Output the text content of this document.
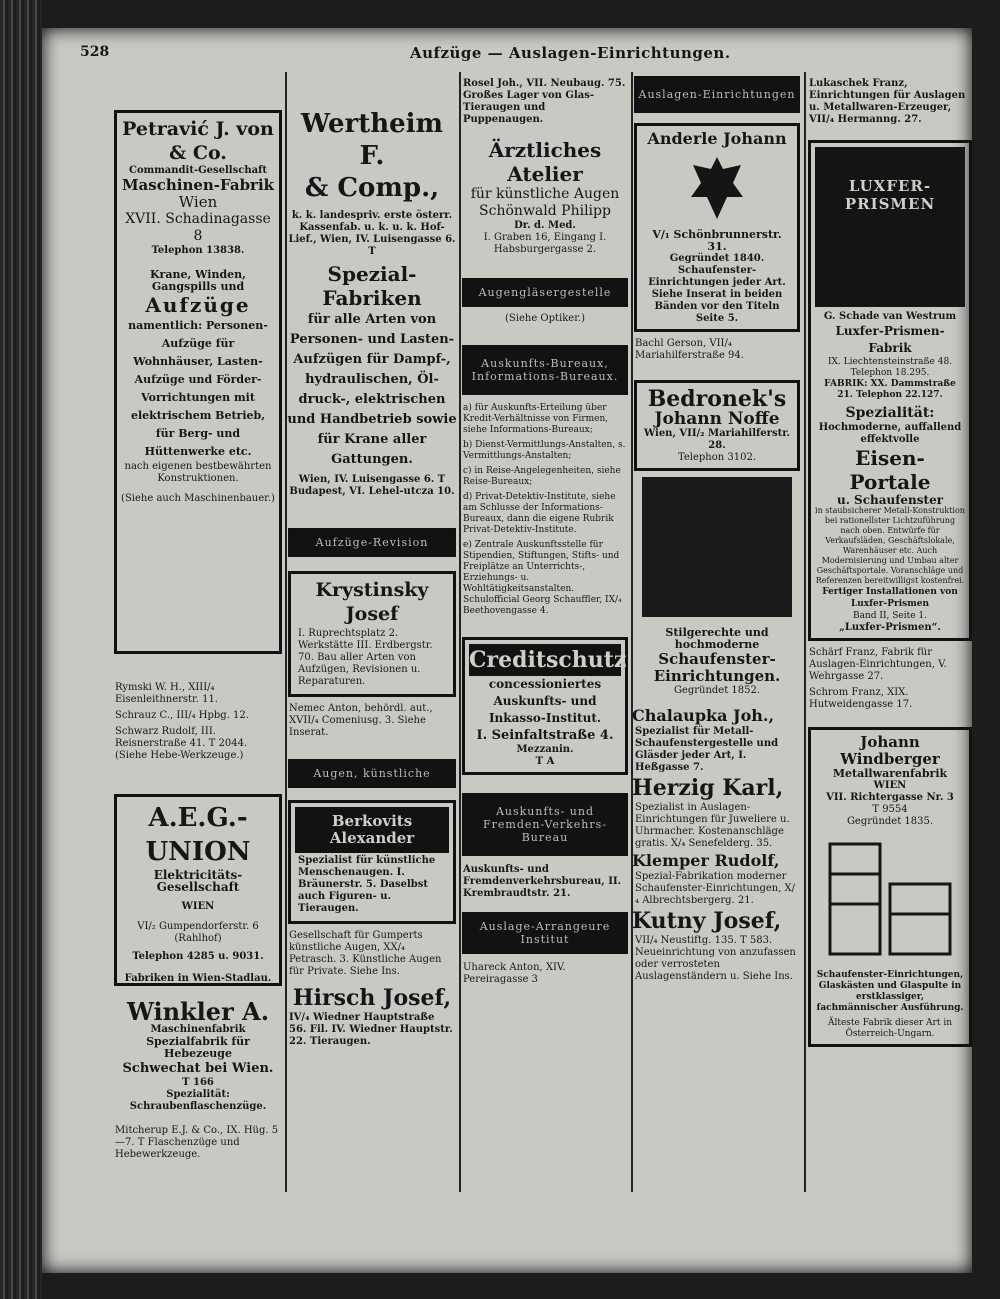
528	Aufzüge — Auslagen-Einrichtungen.
Petravić J. von & Co.
Commandit-Gesellschaft
Maschinen-Fabrik
Wien
XVII. Schadinagasse 8
Telephon 13838.
Krane, Winden, Gangspills und
Aufzüge
namentlich: Personen-Aufzüge für Wohnhäuser, Lasten-Aufzüge und Förder-Vorrichtungen mit elektrischem Betrieb, für Berg- und Hüttenwerke etc.
nach eigenen bestbewährten Konstruktionen.
(Siehe auch Maschinenbauer.)
Rymski W. H., XIII/₄ Eisenleithnerstr. 11.
Schrauz C., III/₄ Hpbg. 12.
Schwarz Rudolf, III. Reisnerstraße 41. T 2044. (Siehe Hebe-Werkzeuge.)
A.E.G.-UNION
Elektricitäts-Gesellschaft
WIEN
VI/₂ Gumpendorferstr. 6 (Rahlhof)
Telephon 4285 u. 9031.
Fabriken in Wien-Stadlau.
Winkler A.
Maschinenfabrik
Spezialfabrik für Hebezeuge
Schwechat bei Wien.
T 166
Spezialität: Schraubenflaschenzüge.
Mitcherup E.J. & Co., IX. Hüg. 5—7. T Flaschenzüge und Hebewerkzeuge.
Wertheim F.
& Comp.,
k. k. landespriv. erste österr. Kassenfab. u. k. u. k. Hof-Lief., Wien, IV. Luisengasse 6. T
Spezial-Fabriken
für alle Arten von Personen- und Lasten-Aufzügen für Dampf-, hydraulischen, Öl-druck-, elektrischen und Handbetrieb sowie für Krane aller Gattungen.
Wien, IV. Luisengasse 6. T
Budapest, VI. Lehel-utcza 10.
Aufzüge-Revision
Krystinsky Josef
I. Ruprechtsplatz 2. Werkstätte III. Erdbergstr. 70. Bau aller Arten von Aufzügen, Revisionen u. Reparaturen.
Nemec Anton, behördl. aut., XVII/₄ Comeniusg. 3. Siehe Inserat.
Augen, künstliche
Berkovits Alexander
Spezialist für künstliche Menschenaugen. I. Bräunerstr. 5. Daselbst auch Figuren- u. Tieraugen.
Gesellschaft für Gumperts künstliche Augen, XX/₄ Petrasch. 3. Künstliche Augen für Private. Siehe Ins.
Hirsch Josef,
IV/₄ Wiedner Hauptstraße 56. Fil. IV. Wiedner Hauptstr. 22. Tieraugen.
Rosel Joh., VII. Neubaug. 75. Großes Lager von Glas-Tieraugen und Puppenaugen.
Ärztliches Atelier
für künstliche Augen
Schönwald Philipp
Dr. d. Med.
I. Graben 16, Eingang I. Habsburgergasse 2.
Augengläsergestelle
(Siehe Optiker.)
Auskunfts-Bureaux, Informations-Bureaux.
a) für Auskunfts-Erteilung über Kredit-Verhältnisse von Firmen, siehe Informations-Bureaux;
b) Dienst-Vermittlungs-Anstalten, s. Vermittlungs-Anstalten;
c) in Reise-Angelegenheiten, siehe Reise-Bureaux;
d) Privat-Detektiv-Institute, siehe am Schlusse der Informations-Bureaux, dann die eigene Rubrik Privat-Detektiv-Institute.
e) Zentrale Auskunftsstelle für Stipendien, Stiftungen, Stifts- und Freiplätze an Unterrichts-, Erziehungs- u. Wohltätigkeitsanstalten. Schulofficial Georg Schauffler, IX/₄ Beethovengasse 4.
Creditschutz
concessioniertes Auskunfts- und Inkasso-Institut.
I. Seinfaltstraße 4.
Mezzanin.
T A
Auskunfts- und Fremden-Verkehrs-Bureau
Auskunfts- und Fremdenverkehrsbureau, II. Krembraudtstr. 21.
Auslage-Arrangeure Institut
Uhareck Anton, XIV. Pereiragasse 3
Auslagen-Einrichtungen
Anderle Johann
V/₁ Schönbrunnerstr. 31.
Gegründet 1840.
Schaufenster-Einrichtungen jeder Art.
Siehe Inserat in beiden Bänden vor den Titeln Seite 5.
Bachl Gerson, VII/₄ Mariahilferstraße 94.
Bedronek's
Johann Noffe
Wien, VII/₂ Mariahilferstr. 28.
Telephon 3102.
Stilgerechte und hochmoderne
Schaufenster-Einrichtungen.
Gegründet 1852.
Chalaupka Joh.,
Spezialist für Metall-Schaufenstergestelle und Gläsder jeder Art, I. Heßgasse 7.
Herzig Karl,
Spezialist in Auslagen-Einrichtungen für Juweliere u. Uhrmacher. Kostenanschläge gratis. X/₄ Senefelderg. 35.
Klemper Rudolf,
Spezial-Fabrikation moderner Schaufenster-Einrichtungen, X/₄ Albrechtsbergerg. 21.
Kutny Josef,
VII/₄ Neustiftg. 135. T 583. Neueinrichtung von anzufassen oder verrosteten Auslagenständern u. Siehe Ins.
Lukaschek Franz, Einrichtungen für Auslagen u. Metallwaren-Erzeuger, VII/₄ Hermanng. 27.
LUXFER-PRISMEN
G. Schade van Westrum
Luxfer-Prismen-Fabrik
IX. Liechtensteinstraße 48. Telephon 18.295.
FABRIK: XX. Dammstraße 21. Telephon 22.127.
Spezialität:
Hochmoderne, auffallend effektvolle
Eisen-Portale
u. Schaufenster
in staubsicherer Metall-Konstruktion bei rationellster Lichtzuführung nach oben. Entwürfe für Verkaufsläden, Geschäftslokale, Warenhäuser etc. Auch Modernisierung und Umbau alter Geschäftsportale. Voranschläge und Referenzen bereitwilligst kostenfrei.
Fertiger Installationen von Luxfer-Prismen
Band II, Seite 1.
„Luxfer-Prismen“.
Schärf Franz, Fabrik für Auslagen-Einrichtungen, V. Wehrgasse 27.
Schrom Franz, XIX. Hutweidengasse 17.
Johann Windberger
Metallwarenfabrik
WIEN
VII. Richtergasse Nr. 3
T 9554
Gegründet 1835.
Schaufenster-Einrichtungen, Glaskästen und Glaspulte in erstklassiger, fachmännischer Ausführung.
Älteste Fabrik dieser Art in Österreich-Ungarn.
